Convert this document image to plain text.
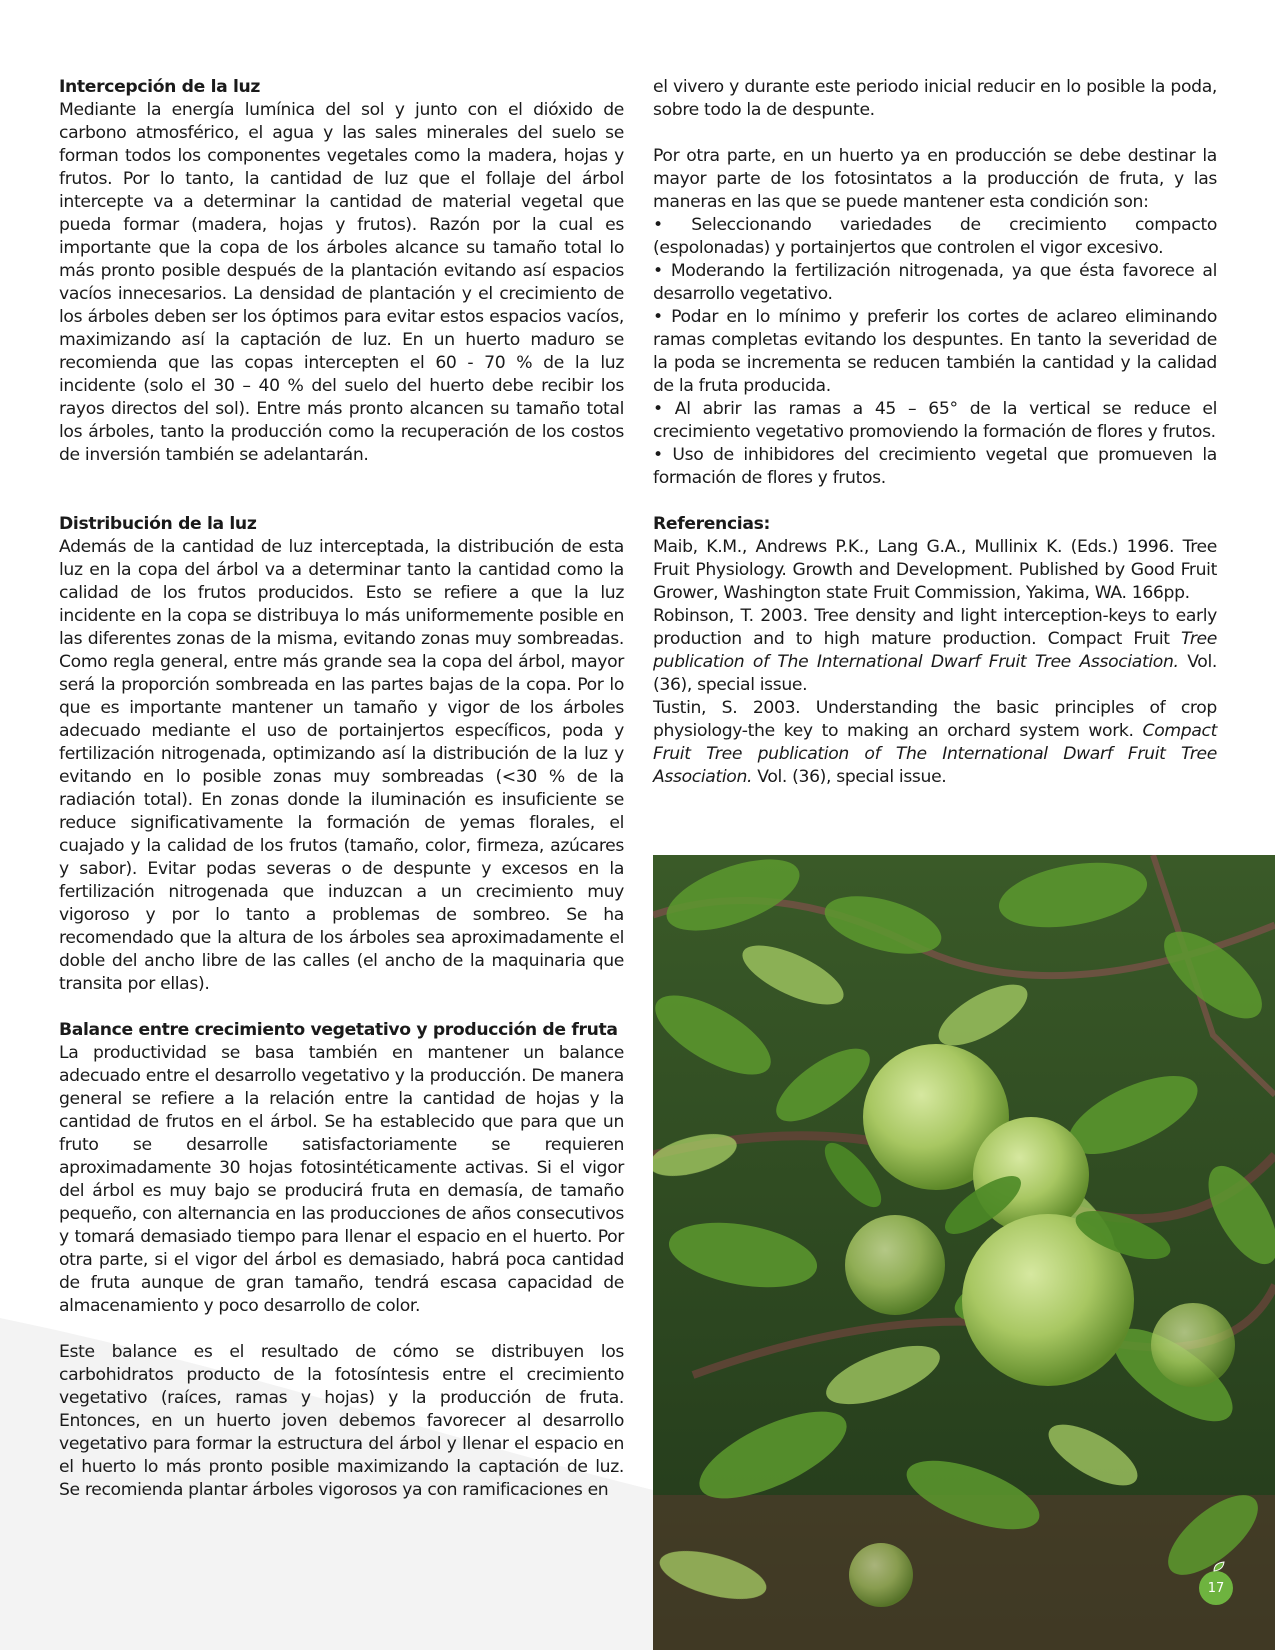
Intercepción de la luz

Mediante la energía lumínica del sol y junto con el dióxido de carbono atmosférico, el agua y las sales minerales del suelo se forman todos los componentes vegetales como la madera, hojas y frutos. Por lo tanto, la cantidad de luz que el follaje del árbol intercepte va a determinar la cantidad de material vegetal que pueda formar (madera, hojas y frutos). Razón por la cual es importante que la copa de los árboles alcance su tamaño total lo más pronto posible después de la plantación evitando así espacios vacíos innecesarios. La densidad de plantación y el crecimiento de los árboles deben ser los óptimos para evitar estos espacios vacíos, maximizando así la captación de luz. En un huerto maduro se recomienda que las copas intercepten el 60 - 70 % de la luz incidente (solo el 30 – 40 % del suelo del huerto debe recibir los rayos directos del sol). Entre más pronto alcancen su tamaño total los árboles, tanto la producción como la recuperación de los costos de inversión también se adelantarán.

Distribución de la luz

Además de la cantidad de luz interceptada, la distribución de esta luz en la copa del árbol va a determinar tanto la cantidad como la calidad de los frutos producidos. Esto se refiere a que la luz incidente en la copa se distribuya lo más uniformemente posible en las diferentes zonas de la misma, evitando zonas muy sombreadas. Como regla general, entre más grande sea la copa del árbol, mayor será la proporción sombreada en las partes bajas de la copa. Por lo que es importante mantener un tamaño y vigor de los árboles adecuado mediante el uso de portainjertos específicos, poda y fertilización nitrogenada, optimizando así la distribución de la luz y evitando en lo posible zonas muy sombreadas (<30 % de la radiación total). En zonas donde la iluminación es insuficiente se reduce significativamente la formación de yemas florales, el cuajado y la calidad de los frutos (tamaño, color, firmeza, azúcares y sabor). Evitar podas severas o de despunte y excesos en la fertilización nitrogenada que induzcan a un crecimiento muy vigoroso y por lo tanto a problemas de sombreo. Se ha recomendado que la altura de los árboles sea aproximadamente el doble del ancho libre de las calles (el ancho de la maquinaria que transita por ellas).

Balance entre crecimiento vegetativo y producción de fruta

La productividad se basa también en mantener un balance adecuado entre el desarrollo vegetativo y la producción. De manera general se refiere a la relación entre la cantidad de hojas y la cantidad de frutos en el árbol. Se ha establecido que para que un fruto se desarrolle satisfactoriamente se requieren aproximadamente 30 hojas fotosintéticamente activas. Si el vigor del árbol es muy bajo se producirá fruta en demasía, de tamaño pequeño, con alternancia en las producciones de años consecutivos y tomará demasiado tiempo para llenar el espacio en el huerto. Por otra parte, si el vigor del árbol es demasiado, habrá poca cantidad de fruta aunque de gran tamaño, tendrá escasa capacidad de almacenamiento y poco desarrollo de color.

Este balance es el resultado de cómo se distribuyen los carbohidratos producto de la fotosíntesis entre el crecimiento vegetativo (raíces, ramas y hojas) y la producción de fruta. Entonces, en un huerto joven debemos favorecer al desarrollo vegetativo para formar la estructura del árbol y llenar el espacio en el huerto lo más pronto posible maximizando la captación de luz. Se recomienda plantar árboles vigorosos ya con ramificaciones en

el vivero y durante este periodo inicial reducir en lo posible la poda, sobre todo la de despunte.

Por otra parte, en un huerto ya en producción se debe destinar la mayor parte de los fotosintatos a la producción de fruta, y las maneras en las que se puede mantener esta condición son:

• Seleccionando variedades de crecimiento compacto (espolonadas) y portainjertos que controlen el vigor excesivo.

• Moderando la fertilización nitrogenada, ya que ésta favorece al desarrollo vegetativo.

• Podar en lo mínimo y preferir los cortes de aclareo eliminando ramas completas evitando los despuntes. En tanto la severidad de la poda se incrementa se reducen también la cantidad y la calidad de la fruta producida.

• Al abrir las ramas a 45 – 65° de la vertical se reduce el crecimiento vegetativo promoviendo la formación de flores y frutos.

• Uso de inhibidores del crecimiento vegetal que promueven la formación de flores y frutos.

Referencias:

Maib, K.M., Andrews P.K., Lang G.A., Mullinix K. (Eds.) 1996. Tree Fruit Physiology. Growth and Development. Published by Good Fruit Grower, Washington state Fruit Commission, Yakima, WA. 166pp.

Robinson, T. 2003. Tree density and light interception-keys to early production and to high mature production. Compact Fruit Tree publication of The International Dwarf Fruit Tree Association. Vol. (36), special issue.

Tustin, S. 2003. Understanding the basic principles of crop physiology-the key to making an orchard system work. Compact Fruit Tree publication of The International Dwarf Fruit Tree Association. Vol. (36), special issue.

17
